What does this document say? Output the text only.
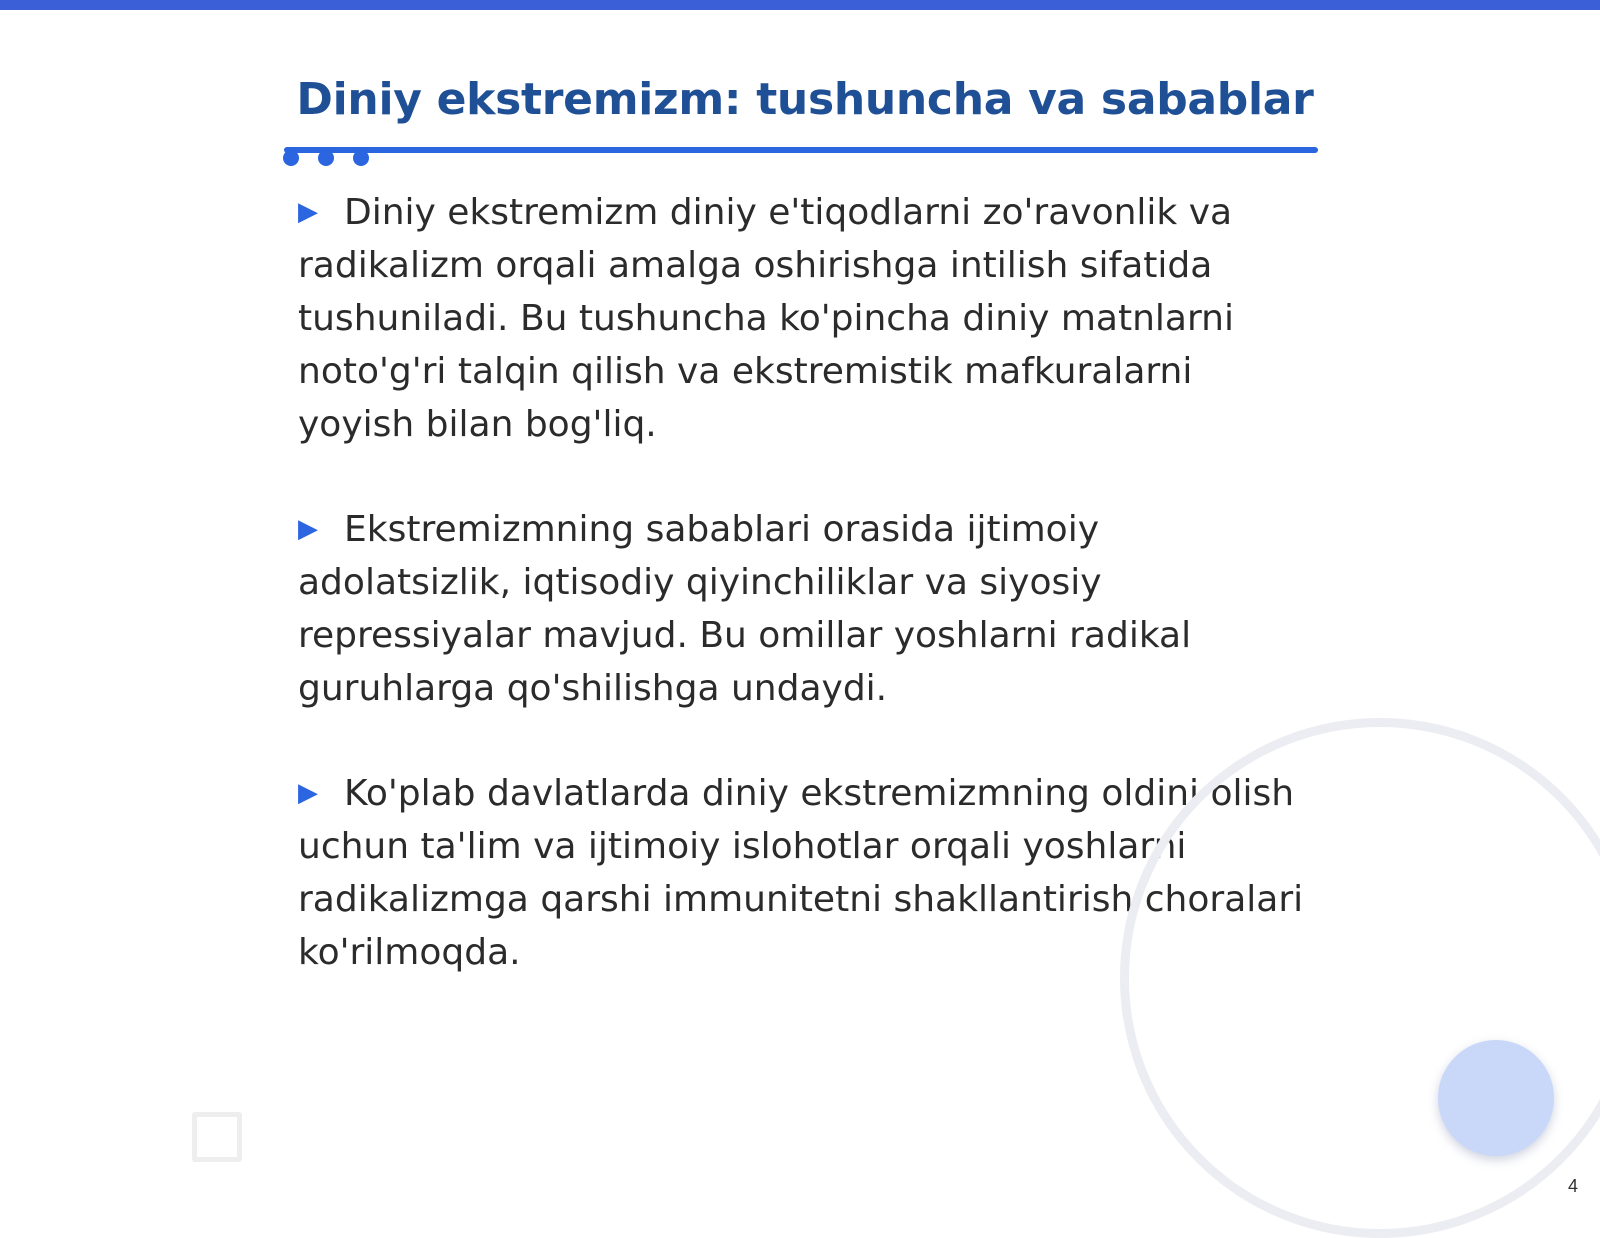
Diniy ekstremizm: tushuncha va sabablar

▶ Diniy ekstremizm diniy e'tiqodlarni zo'ravonlik va radikalizm orqali amalga oshirishga intilish sifatida tushuniladi. Bu tushuncha ko'pincha diniy matnlarni noto'g'ri talqin qilish va ekstremistik mafkuralarni yoyish bilan bog'liq.

▶ Ekstremizmning sabablari orasida ijtimoiy adolatsizlik, iqtisodiy qiyinchiliklar va siyosiy repressiyalar mavjud. Bu omillar yoshlarni radikal guruhlarga qo'shilishga undaydi.

▶ Ko'plab davlatlarda diniy ekstremizmning oldini olish uchun ta'lim va ijtimoiy islohotlar orqali yoshlarni radikalizmga qarshi immunitetni shakllantirish choralari ko'rilmoqda.

4
